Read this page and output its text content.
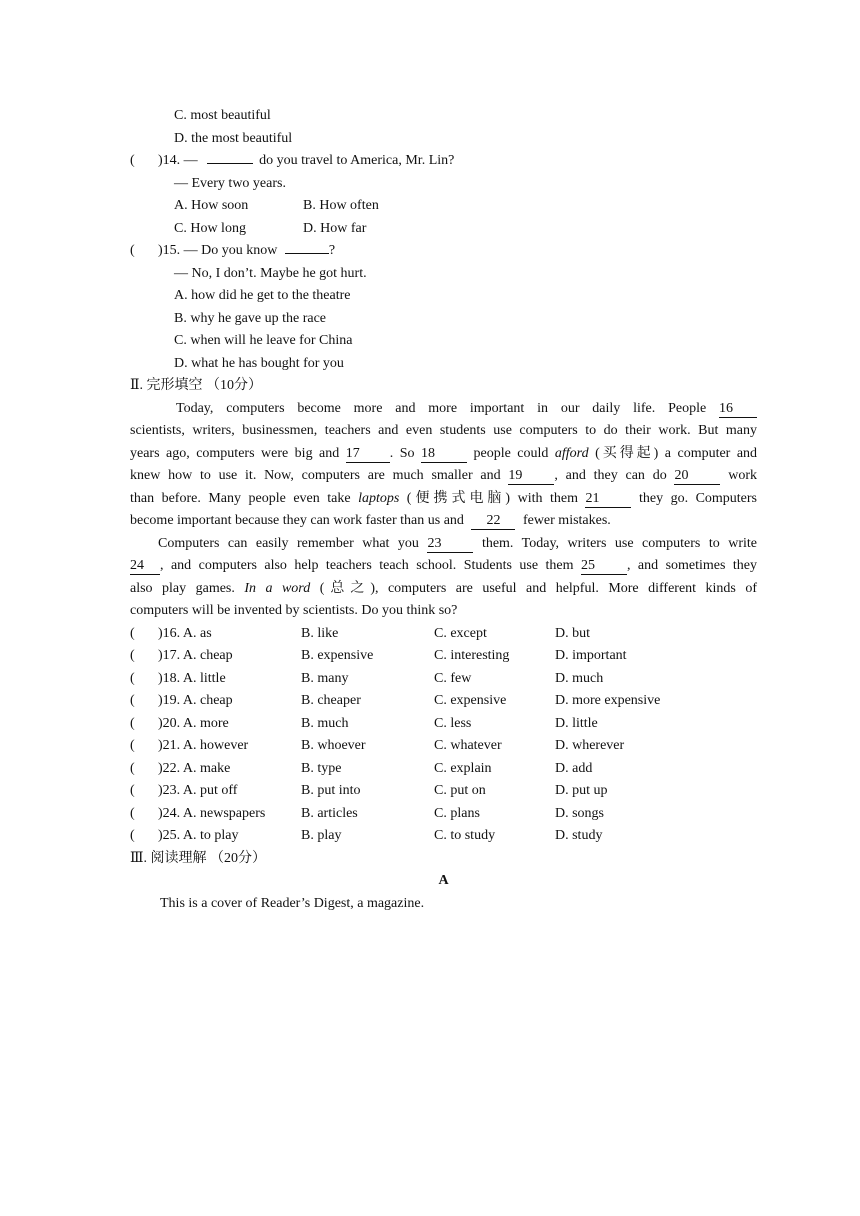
C. most beautiful
D. the most beautiful
( )14. —	do you travel to America, Mr. Lin?
— Every two years.
A. How soon	B. How often
C. How long	D. How far
( )15. — Do you know	?
— No, I don’t. Maybe he got hurt.
A. how did he get to the theatre
B. why he gave up the race
C. when will he leave for China
D. what he has bought for you
Ⅱ. 完形填空 （10分）
Today, computers become more and more important in our daily life. People 16
scientists, writers, businessmen, teachers and even students use computers to do their work. But many
years ago, computers were big and 17 . So 18	people could afford (买得起) a computer and
knew how to use it. Now, computers are much smaller and 19 , and they can do 20	work
than before. Many people even take laptops (便携式电脑) with them 21	they go. Computers
become important because they can work faster than us and 22 fewer mistakes.
Computers can easily remember what you 23	them. Today, writers use computers to write
24 , and computers also help teachers teach school. Students use them 25 , and sometimes they
also play games. In a word (总之), computers are useful and helpful. More different kinds of
computers will be invented by scientists. Do you think so?
( )16. A. as	B. like	C. except	D. but
( )17. A. cheap	B. expensive	C. interesting	D. important
( )18. A. little	B. many	C. few	D. much
( )19. A. cheap	B. cheaper	C. expensive	D. more expensive
( )20. A. more	B. much	C. less	D. little
( )21. A. however	B. whoever	C. whatever	D. wherever
( )22. A. make	B. type	C. explain	D. add
( )23. A. put off	B. put into	C. put on	D. put up
( )24. A. newspapers	B. articles	C. plans	D. songs
( )25. A. to play	B. play	C. to study	D. study
Ⅲ. 阅读理解 （20分）
A
This is a cover of Reader’s Digest, a magazine.
